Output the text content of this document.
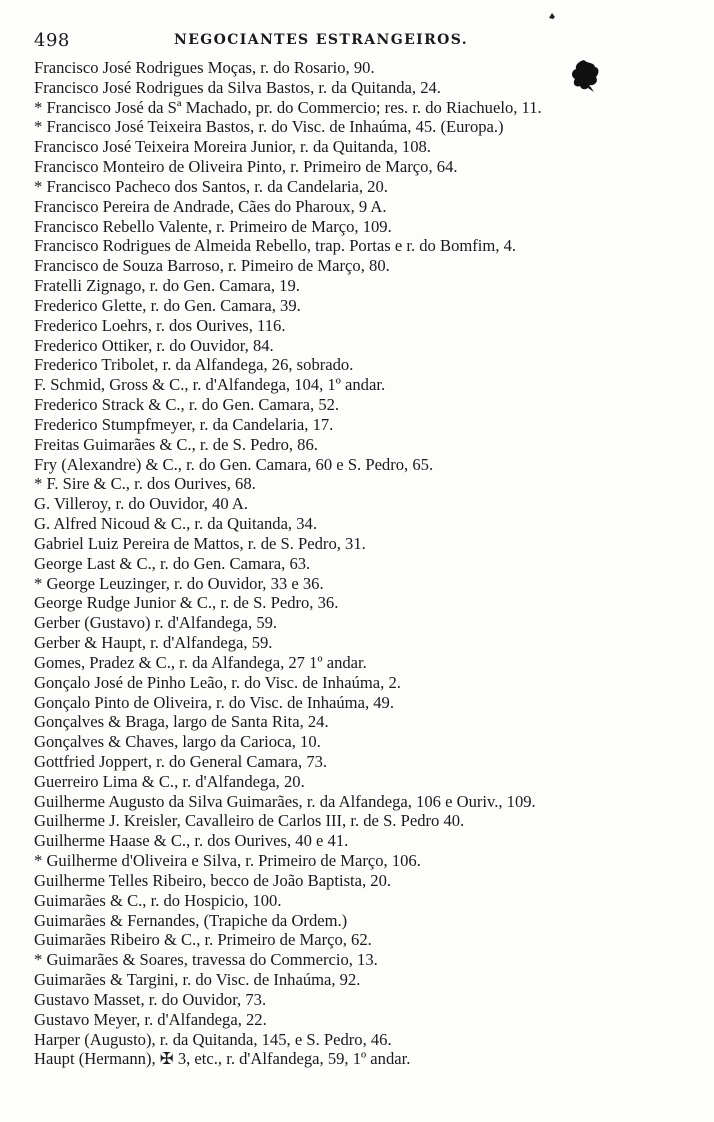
498	NEGOCIANTES ESTRANGEIROS.
Francisco José Rodrigues Moças, r. do Rosario, 90.
Francisco José Rodrigues da Silva Bastos, r. da Quitanda, 24.
* Francisco José da Sª Machado, pr. do Commercio; res. r. do Riachuelo, 11.
* Francisco José Teixeira Bastos, r. do Visc. de Inhaúma, 45. (Europa.)
Francisco José Teixeira Moreira Junior, r. da Quitanda, 108.
Francisco Monteiro de Oliveira Pinto, r. Primeiro de Março, 64.
* Francisco Pacheco dos Santos, r. da Candelaria, 20.
Francisco Pereira de Andrade, Cães do Pharoux, 9 A.
Francisco Rebello Valente, r. Primeiro de Março, 109.
Francisco Rodrigues de Almeida Rebello, trap. Portas e r. do Bomfim, 4.
Francisco de Souza Barroso, r. Pimeiro de Março, 80.
Fratelli Zignago, r. do Gen. Camara, 19.
Frederico Glette, r. do Gen. Camara, 39.
Frederico Loehrs, r. dos Ourives, 116.
Frederico Ottiker, r. do Ouvidor, 84.
Frederico Tribolet, r. da Alfandega, 26, sobrado.
F. Schmid, Gross & C., r. d'Alfandega, 104, 1º andar.
Frederico Strack & C., r. do Gen. Camara, 52.
Frederico Stumpfmeyer, r. da Candelaria, 17.
Freitas Guimarães & C., r. de S. Pedro, 86.
Fry (Alexandre) & C., r. do Gen. Camara, 60 e S. Pedro, 65.
* F. Sire & C., r. dos Ourives, 68.
G. Villeroy, r. do Ouvidor, 40 A.
G. Alfred Nicoud & C., r. da Quitanda, 34.
Gabriel Luiz Pereira de Mattos, r. de S. Pedro, 31.
George Last & C., r. do Gen. Camara, 63.
* George Leuzinger, r. do Ouvidor, 33 e 36.
George Rudge Junior & C., r. de S. Pedro, 36.
Gerber (Gustavo) r. d'Alfandega, 59.
Gerber & Haupt, r. d'Alfandega, 59.
Gomes, Pradez & C., r. da Alfandega, 27 1º andar.
Gonçalo José de Pinho Leão, r. do Visc. de Inhaúma, 2.
Gonçalo Pinto de Oliveira, r. do Visc. de Inhaúma, 49.
Gonçalves & Braga, largo de Santa Rita, 24.
Gonçalves & Chaves, largo da Carioca, 10.
Gottfried Joppert, r. do General Camara, 73.
Guerreiro Lima & C., r. d'Alfandega, 20.
Guilherme Augusto da Silva Guimarães, r. da Alfandega, 106 e Ouriv., 109.
Guilherme J. Kreisler, Cavalleiro de Carlos III, r. de S. Pedro 40.
Guilherme Haase & C., r. dos Ourives, 40 e 41.
* Guilherme d'Oliveira e Silva, r. Primeiro de Março, 106.
Guilherme Telles Ribeiro, becco de João Baptista, 20.
Guimarães & C., r. do Hospicio, 100.
Guimarães & Fernandes, (Trapiche da Ordem.)
Guimarães Ribeiro & C., r. Primeiro de Março, 62.
* Guimarães & Soares, travessa do Commercio, 13.
Guimarães & Targini, r. do Visc. de Inhaúma, 92.
Gustavo Masset, r. do Ouvidor, 73.
Gustavo Meyer, r. d'Alfandega, 22.
Harper (Augusto), r. da Quitanda, 145, e S. Pedro, 46.
Haupt (Hermann), ✠ 3, etc., r. d'Alfandega, 59, 1º andar.
